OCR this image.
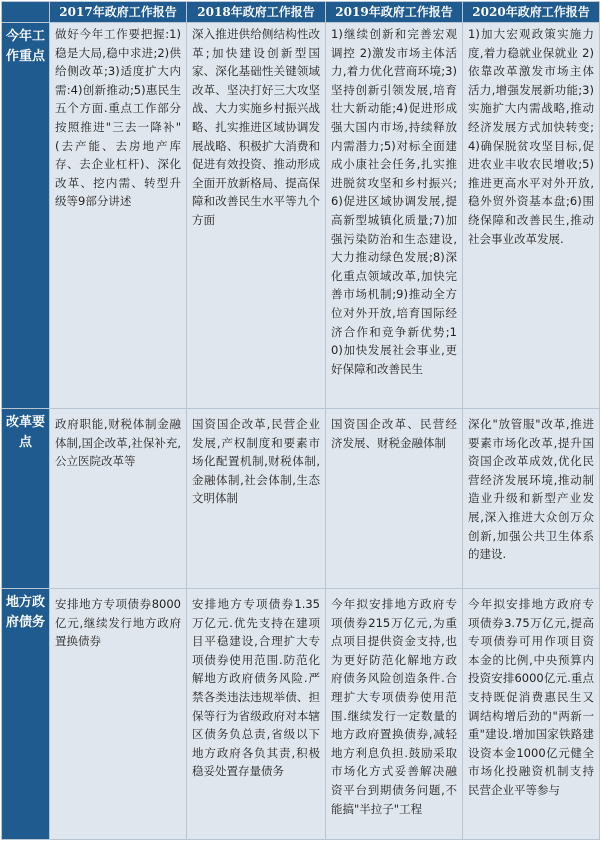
	2017年政府工作报告	2018年政府工作报告	2019年政府工作报告	2020年政府工作报告
今年工作重点	做好今年工作要把握:1)稳是大局,稳中求进;2)供给侧改革;3)适度扩大内需:4)创新推动;5)惠民生五个方面.重点工作部分按照推进"三去一降补"(去产能、去房地产库存、去企业杠杆)、深化改革、挖内需、转型升级等9部分讲述	深入推进供给侧结构性改革;加快建设创新型国家、深化基础性关键领域改革、坚决打好三大攻坚战、大力实施乡村振兴战略、扎实推进区域协调发展战略、积极扩大消费和促进有效投资、推动形成全面开放新格局、提高保障和改善民生水平等九个方面	1)继续创新和完善宏观调控 2)激发市场主体活力,着力优化营商环境;3)坚持创新引领发展,培育壮大新动能;4)促进形成强大国内市场,持续释放内需潜力;5)对标全面建成小康社会任务,扎实推进脱贫攻坚和乡村振兴;6)促进区域协调发展,提高新型城镇化质量;7)加强污染防治和生态建设,大力推动绿色发展;8)深化重点领域改革,加快完善市场机制;9)推动全方位对外开放,培育国际经济合作和竞争新优势;10)加快发展社会事业,更好保障和改善民生	1)加大宏观政策实施力度,着力稳就业保就业 2)依靠改革激发市场主体活力,增强发展新功能;3)实施扩大内需战略,推动经济发展方式加快转变;4)确保脱贫攻坚目标,促进农业丰收农民增收;5)推进更高水平对外开放,稳外贸外资基本盘;6)围绕保障和改善民生,推动社会事业改革发展.
改革要点	政府职能,财税体制金融体制,国企改革,社保补充,公立医院改革等	国资国企改革,民营企业发展,产权制度和要素市场化配置机制,财税体制,金融体制,社会体制,生态文明体制	国资国企改革、民营经济发展、财税金融体制	深化"放管服"改革,推进要素市场化改革,提升国资国企改革成效,优化民营经济发展环境,推动制造业升级和新型产业发展,深入推进大众创万众创新,加强公共卫生体系的建设.
地方政府债务	安排地方专项债券8000亿元,继续发行地方政府置换债券	安排地方专项债券1.35万亿元.优先支持在建项目平稳建设,合理扩大专项债券使用范围.防范化解地方政府债务风险.严禁各类违法违规举债、担保等行为省级政府对本辖区债务负总责,省级以下地方政府各负其责,积极稳妥处置存量债务	今年拟安排地方政府专项债券215万亿元,为重点项目提供资金支持,也为更好防范化解地方政府债务风险创造条件.合理扩大专项债券使用范围.继续发行一定数量的地方政府置换债券,减轻地方利息负担.鼓励采取市场化方式妥善解决融资平台到期债务问题,不能搞"半拉子"工程	今年拟安排地方政府专项债券3.75万亿元,提高专项债券可用作项目资本金的比例,中央预算内投资安排6000亿元.重点支持既促消费惠民生又调结构增后劲的"两新一重"建设.增加国家铁路建设资本金1000亿元健全市场化投融资机制支持民营企业平等参与
